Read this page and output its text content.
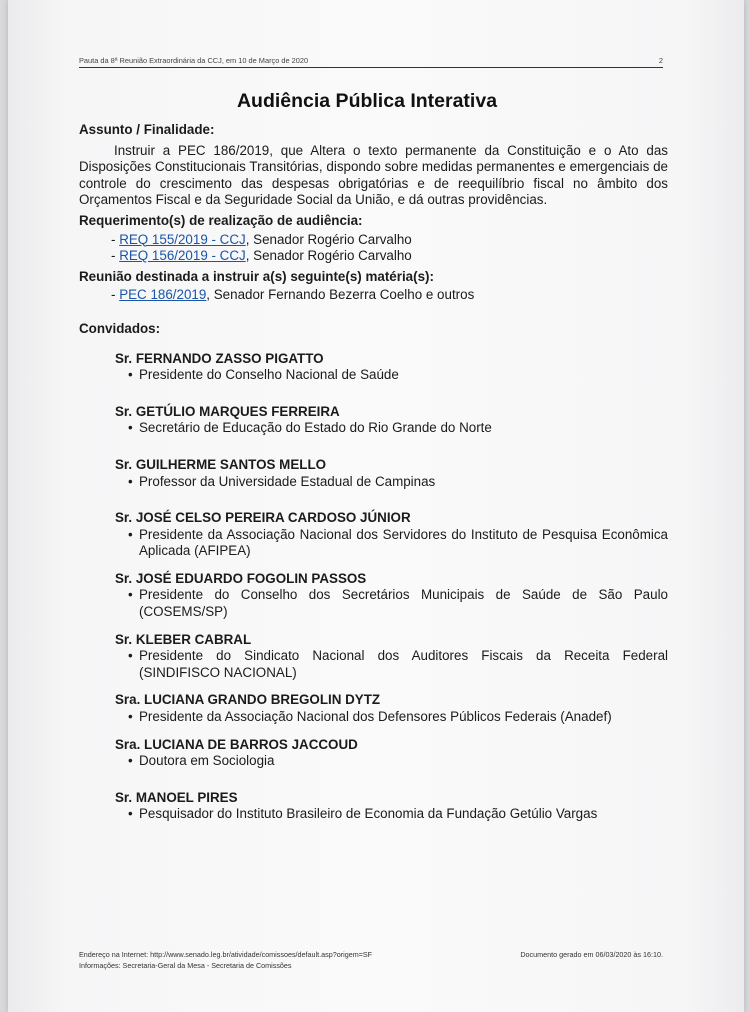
Pauta da 8ª Reunião Extraordinária da CCJ, em 10 de Março de 2020	2
Audiência Pública Interativa
Assunto / Finalidade:
Instruir a PEC 186/2019, que Altera o texto permanente da Constituição e o Ato das Disposições Constitucionais Transitórias, dispondo sobre medidas permanentes e emergenciais de controle do crescimento das despesas obrigatórias e de reequilíbrio fiscal no âmbito dos Orçamentos Fiscal e da Seguridade Social da União, e dá outras providências.
Requerimento(s) de realização de audiência:
- REQ 155/2019 - CCJ, Senador Rogério Carvalho
- REQ 156/2019 - CCJ, Senador Rogério Carvalho
Reunião destinada a instruir a(s) seguinte(s) matéria(s):
- PEC 186/2019, Senador Fernando Bezerra Coelho e outros
Convidados:
Sr. FERNANDO ZASSO PIGATTO
• Presidente do Conselho Nacional de Saúde
Sr. GETÚLIO MARQUES FERREIRA
• Secretário de Educação do Estado do Rio Grande do Norte
Sr. GUILHERME SANTOS MELLO
• Professor da Universidade Estadual de Campinas
Sr. JOSÉ CELSO PEREIRA CARDOSO JÚNIOR
• Presidente da Associação Nacional dos Servidores do Instituto de Pesquisa Econômica Aplicada (AFIPEA)
Sr. JOSÉ EDUARDO FOGOLIN PASSOS
• Presidente do Conselho dos Secretários Municipais de Saúde de São Paulo (COSEMS/SP)
Sr. KLEBER CABRAL
• Presidente do Sindicato Nacional dos Auditores Fiscais da Receita Federal (SINDIFISCO NACIONAL)
Sra. LUCIANA GRANDO BREGOLIN DYTZ
• Presidente da Associação Nacional dos Defensores Públicos Federais (Anadef)
Sra. LUCIANA DE BARROS JACCOUD
• Doutora em Sociologia
Sr. MANOEL PIRES
• Pesquisador do Instituto Brasileiro de Economia da Fundação Getúlio Vargas
Endereço na Internet: http://www.senado.leg.br/atividade/comissoes/default.asp?origem=SF
Informações: Secretaria-Geral da Mesa - Secretaria de Comissões
Documento gerado em 06/03/2020 às 16:10.
